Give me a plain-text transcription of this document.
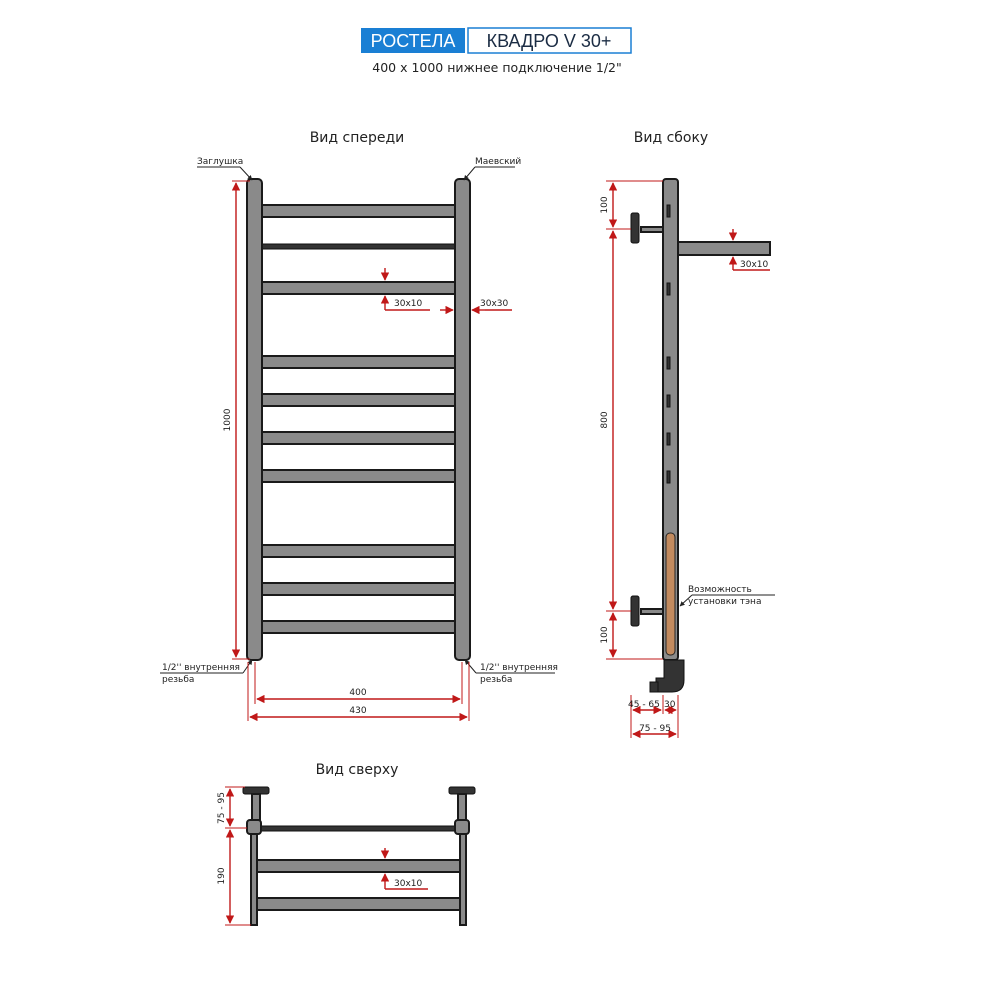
РОСТЕЛА КВАДРО V 30+
400 х 1000 нижнее подключение 1/2"
Вид спереди
Заглушка	Маевский
1/2'' внутренняя
резьба
1/2'' внутренняя
резьба
1000
30х10	30х30
400
430
Вид сбоку
100
800
100
30х10
Возможность
установки тэна
45 - 65 30
75 - 95
Вид сверху
75 - 95
190	30х10
